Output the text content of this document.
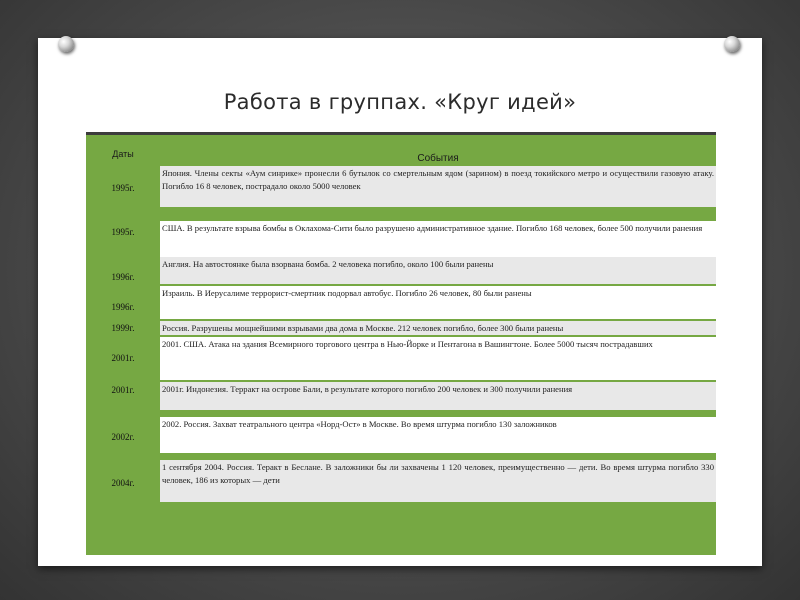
Работа в группах. «Круг идей»
Даты	События
Япония. Члены секты «Аум синрике» пронесли 6 бутылок со смертельным ядом (зарином) в поезд токийского метро и осуществили газовую атаку. Погибло 16 8 человек, пострадало около 5000 человек
1995г.
США. В результате взрыва бомбы в Оклахома-Сити было разрушено административное здание. Погибло 168 человек, более 500 получили ранения
1995г.
Англия. На автостоянке была взорвана бомба. 2 человека погибло, около 100 были ранены
1996г.
Израиль. В Иерусалиме террорист-смертник подорвал автобус. Погибло 26 человек, 80 были ранены
1996г.
Россия. Разрушены мощнейшими взрывами два дома в Москве. 212 человек погибло, более 300 были ранены
1999г.
2001. США. Атака на здания Всемирного торгового центра в Нью-Йорке и Пентагона в Вашингтоне. Более 5000 тысяч пострадавших
2001г.
2001г. Индонезия. Терракт на острове Бали, в результате которого погибло 200 человек и 300 получили ранения
2001г.
2002. Россия. Захват театрального центра «Норд-Ост» в Москве. Во время штурма погибло 130 заложников
2002г.
1 сентября 2004. Россия. Теракт в Беслане. В заложники бы ли захвачены 1 120 человек, преимущественно — дети. Во время штурма погибло 330 человек, 186 из которых — дети
2004г.
